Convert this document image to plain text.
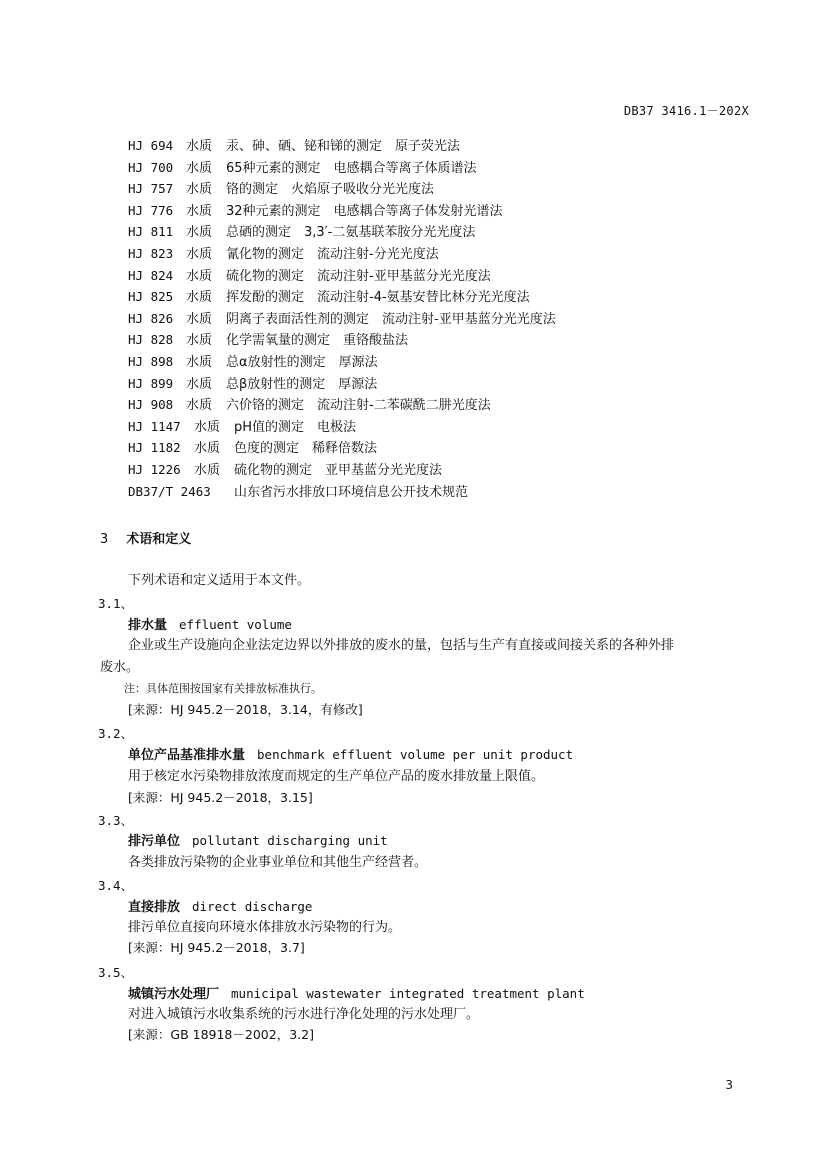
DB37 3416.1－202X
HJ 694 水质 汞、砷、硒、铋和锑的测定　原子荧光法
HJ 700 水质 65种元素的测定　电感耦合等离子体质谱法
HJ 757 水质 铬的测定　火焰原子吸收分光光度法
HJ 776 水质 32种元素的测定　电感耦合等离子体发射光谱法
HJ 811 水质 总硒的测定　3,3′-二氨基联苯胺分光光度法
HJ 823 水质 氰化物的测定　流动注射-分光光度法
HJ 824 水质 硫化物的测定　流动注射-亚甲基蓝分光光度法
HJ 825 水质 挥发酚的测定　流动注射-4-氨基安替比林分光光度法
HJ 826 水质 阴离子表面活性剂的测定　流动注射-亚甲基蓝分光光度法
HJ 828 水质 化学需氧量的测定　重铬酸盐法
HJ 898 水质 总α放射性的测定　厚源法
HJ 899 水质 总β放射性的测定　厚源法
HJ 908 水质 六价铬的测定　流动注射-二苯碳酰二肼光度法
HJ 1147 水质 pH值的测定　电极法
HJ 1182 水质 色度的测定　稀释倍数法
HJ 1226 水质 硫化物的测定　亚甲基蓝分光光度法
DB37/T 2463 山东省污水排放口环境信息公开技术规范
3 术语和定义
下列术语和定义适用于本文件。
3.1、
排水量 effluent volume
企业或生产设施向企业法定边界以外排放的废水的量，包括与生产有直接或间接关系的各种外排
废水。
注：具体范围按国家有关排放标准执行。
[来源：HJ 945.2－2018，3.14，有修改]
3.2、
单位产品基准排水量 benchmark effluent volume per unit product
用于核定水污染物排放浓度而规定的生产单位产品的废水排放量上限值。
[来源：HJ 945.2－2018，3.15]
3.3、
排污单位 pollutant discharging unit
各类排放污染物的企业事业单位和其他生产经营者。
3.4、
直接排放 direct discharge
排污单位直接向环境水体排放水污染物的行为。
[来源：HJ 945.2－2018，3.7]
3.5、
城镇污水处理厂 municipal wastewater integrated treatment plant
对进入城镇污水收集系统的污水进行净化处理的污水处理厂。
[来源：GB 18918－2002，3.2]
3
